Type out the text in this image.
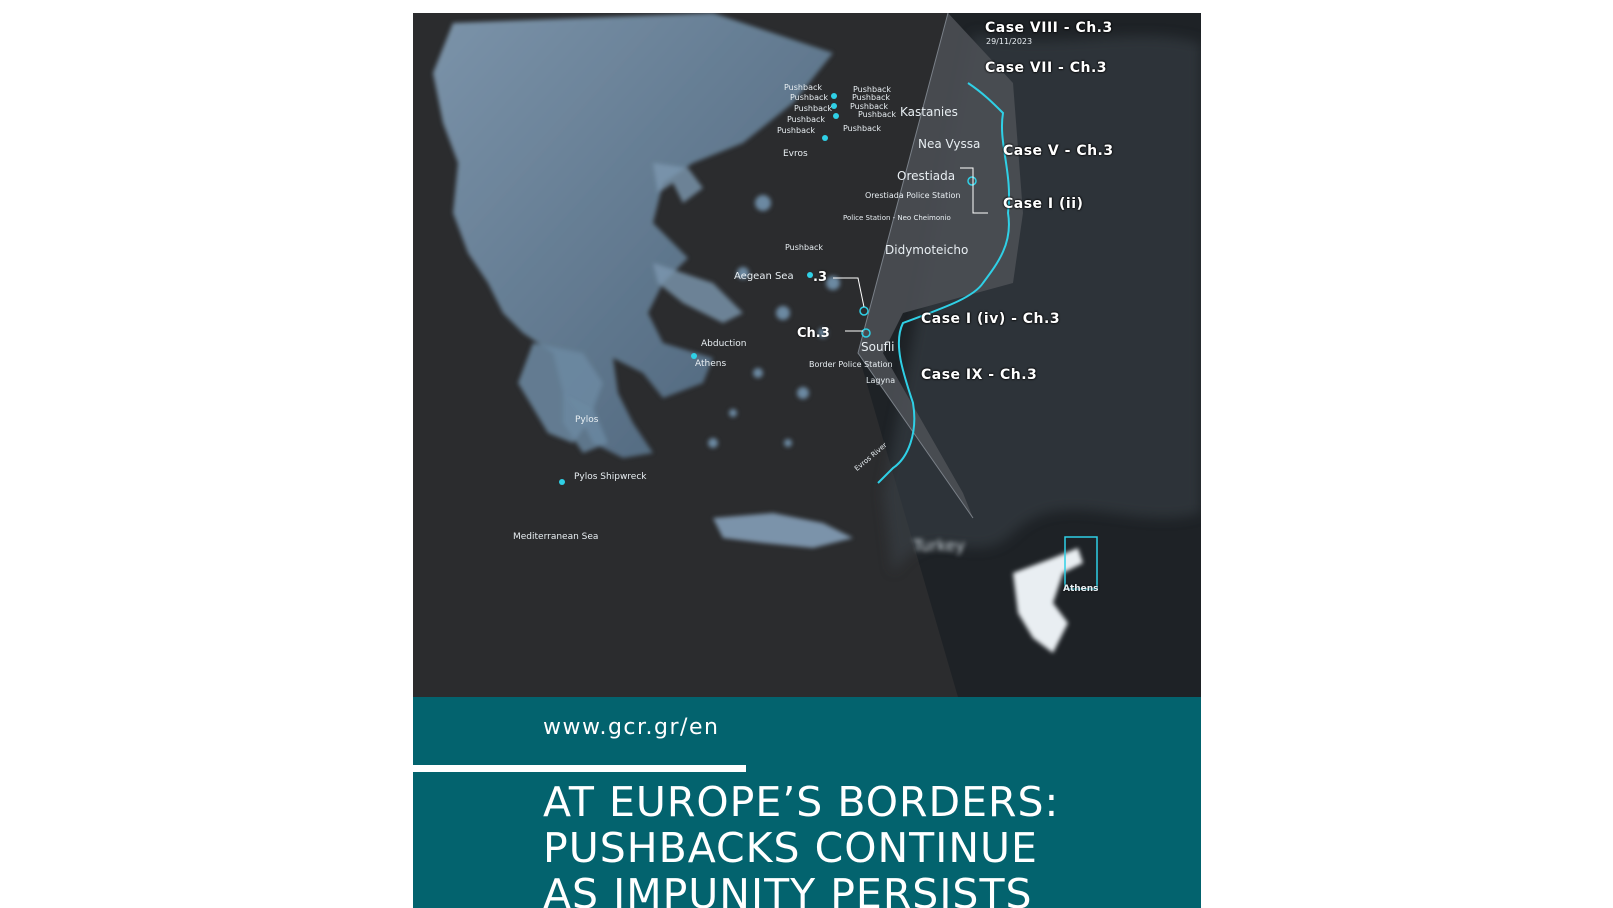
Evros
Aegean Sea
Abduction
Athens
Pylos
Pylos Shipwreck
Mediterranean Sea
Pushback
Pushback
Pushback
Pushback
Pushback
Pushback
Pushback
Pushback
Pushback
Pushback
Pushback
Kastanies
Nea Vyssa
Orestiada
Orestiada Police Station
Police Station - Neo Cheimonio
Didymoteicho
Soufli
Border Police Station
Lagyna
Evros River
.3
Ch.3
Case VIII - Ch.3
29/11/2023
Case VII - Ch.3
Case V - Ch.3
Case I (ii)
Case I (iv) - Ch.3
Case IX - Ch.3
Turkey
Athens
www.gcr.gr/en
AT EUROPE’S BORDERS:
PUSHBACKS CONTINUE
AS IMPUNITY PERSISTS
